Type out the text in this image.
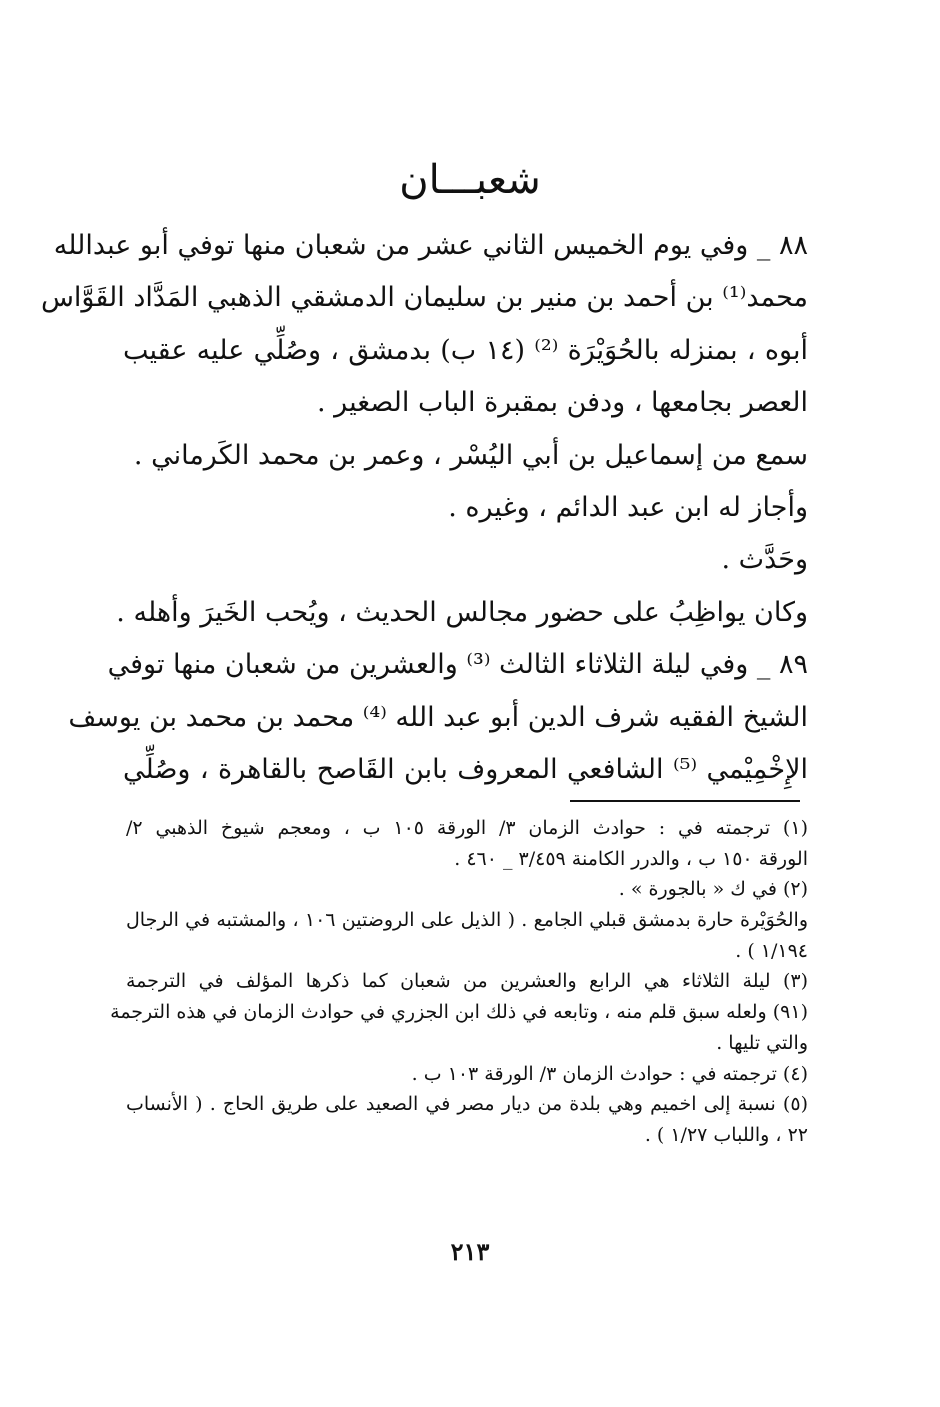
شعبـــان
٨٨ _ وفي يوم الخميس الثاني عشر من شعبان منها توفي أبو عبدالله
محمد⁽¹⁾ بن أحمد بن منير بن سليمان الدمشقي الذهبي المَدَّاد القَوَّاس
أبوه ، بمنزله بالحُوَيْرَة ⁽²⁾ (١٤ ب) بدمشق ، وصُلِّي عليه عقيب
العصر بجامعها ، ودفن بمقبرة الباب الصغير .
سمع من إسماعيل بن أبي اليُسْر ، وعمر بن محمد الكَرماني .
وأجاز له ابن عبد الدائم ، وغيره .
وحَدَّث .
وكان يواظِبُ على حضور مجالس الحديث ، ويُحب الخَيرَ وأهله .
٨٩ _ وفي ليلة الثلاثاء الثالث ⁽³⁾ والعشرين من شعبان منها توفي
الشيخ الفقيه شرف الدين أبو عبد الله ⁽⁴⁾ محمد بن محمد بن يوسف
الإِخْمِيْمي ⁽⁵⁾ الشافعي المعروف بابن القَاصح بالقاهرة ، وصُلِّي
(١) ترجمته في : حوادث الزمان ٣/ الورقة ١٠٥ ب ، ومعجم شيوخ الذهبي ٢/
الورقة ١٥٠ ب ، والدرر الكامنة ٣/٤٥٩ _ ٤٦٠ .
(٢) في ك « بالجورة » .
والحُوَيْرة حارة بدمشق قبلي الجامع . ( الذيل على الروضتين ١٠٦ ، والمشتبه في الرجال
١/١٩٤ ) .
(٣) ليلة الثلاثاء هي الرابع والعشرين من شعبان كما ذكرها المؤلف في الترجمة
(٩١) ولعله سبق قلم منه ، وتابعه في ذلك ابن الجزري في حوادث الزمان في هذه الترجمة
والتي تليها .
(٤) ترجمته في : حوادث الزمان ٣/ الورقة ١٠٣ ب .
(٥) نسبة إلى اخميم وهي بلدة من ديار مصر في الصعيد على طريق الحاج . ( الأنساب
٢٢ ، واللباب ١/٢٧ ) .
٢١٣
